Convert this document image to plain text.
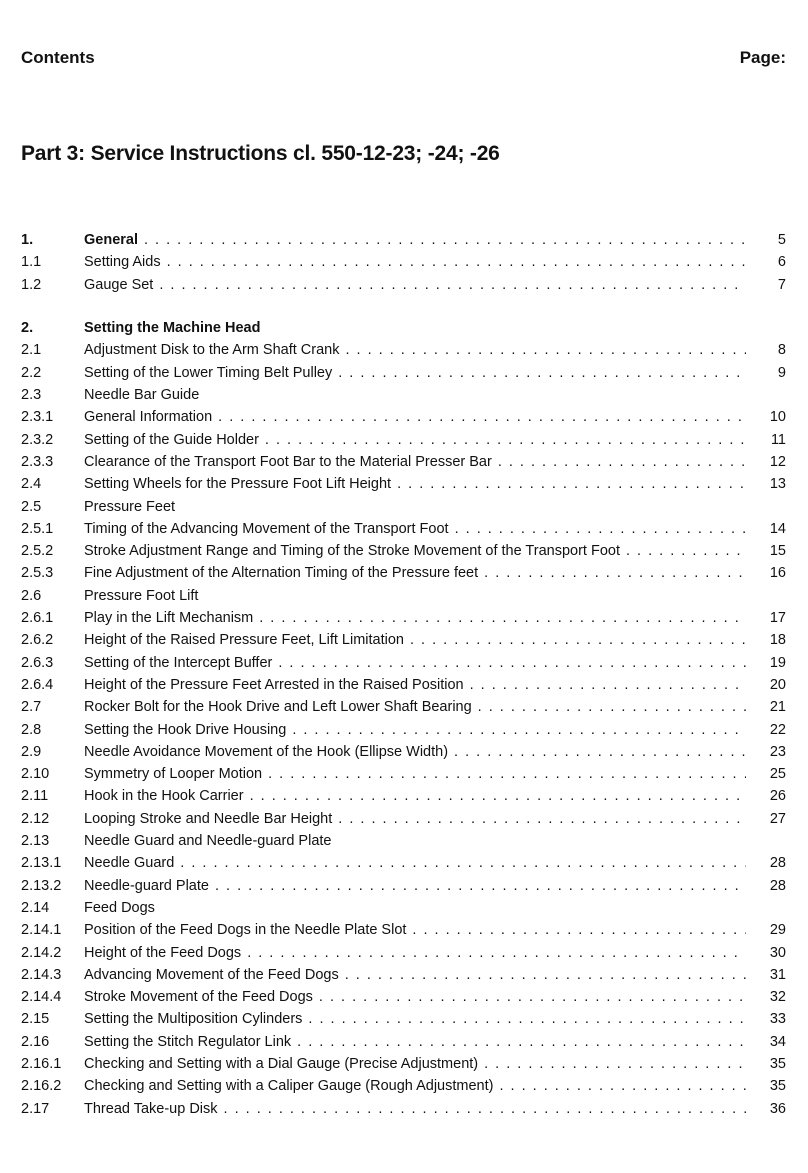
Contents	Page:
Part 3: Service Instructions cl. 550-12-23; -24; -26
1.	General . . .	5
1.1	Setting Aids . . .	6
1.2	Gauge Set . . .	7
2.	Setting the Machine Head
2.1	Adjustment Disk to the Arm Shaft Crank . . .	8
2.2	Setting of the Lower Timing Belt Pulley . . .	9
2.3	Needle Bar Guide
2.3.1 General Information . . .	10
2.3.2 Setting of the Guide Holder . . .	11
2.3.3 Clearance of the Transport Foot Bar to the Material Presser Bar . . .	12
2.4	Setting Wheels for the Pressure Foot Lift Height . . .	13
2.5	Pressure Feet
2.5.1 Timing of the Advancing Movement of the Transport Foot . . .	14
2.5.2 Stroke Adjustment Range and Timing of the Stroke Movement of the Transport Foot . . .	15
2.5.3 Fine Adjustment of the Alternation Timing of the Pressure feet . . .	16
2.6	Pressure Foot Lift
2.6.1 Play in the Lift Mechanism . . .	17
2.6.2 Height of the Raised Pressure Feet, Lift Limitation . . .	18
2.6.3 Setting of the Intercept Buffer . . .	19
2.6.4 Height of the Pressure Feet Arrested in the Raised Position . . .	20
2.7	Rocker Bolt for the Hook Drive and Left Lower Shaft Bearing . . .	21
2.8	Setting the Hook Drive Housing . . .	22
2.9	Needle Avoidance Movement of the Hook (Ellipse Width) . . .	23
2.10 Symmetry of Looper Motion . . .	25
2.11 Hook in the Hook Carrier . . .	26
2.12 Looping Stroke and Needle Bar Height . . .	27
2.13 Needle Guard and Needle-guard Plate
2.13.1 Needle Guard . . .	28
2.13.2 Needle-guard Plate . . .	28
2.14 Feed Dogs
2.14.1 Position of the Feed Dogs in the Needle Plate Slot . . .	29
2.14.2 Height of the Feed Dogs . . .	30
2.14.3 Advancing Movement of the Feed Dogs . . .	31
2.14.4 Stroke Movement of the Feed Dogs . . .	32
2.15 Setting the Multiposition Cylinders . . .	33
2.16 Setting the Stitch Regulator Link . . .	34
2.16.1 Checking and Setting with a Dial Gauge (Precise Adjustment) . . .	35
2.16.2 Checking and Setting with a Caliper Gauge (Rough Adjustment) . . .	35
2.17 Thread Take-up Disk . . .	36
